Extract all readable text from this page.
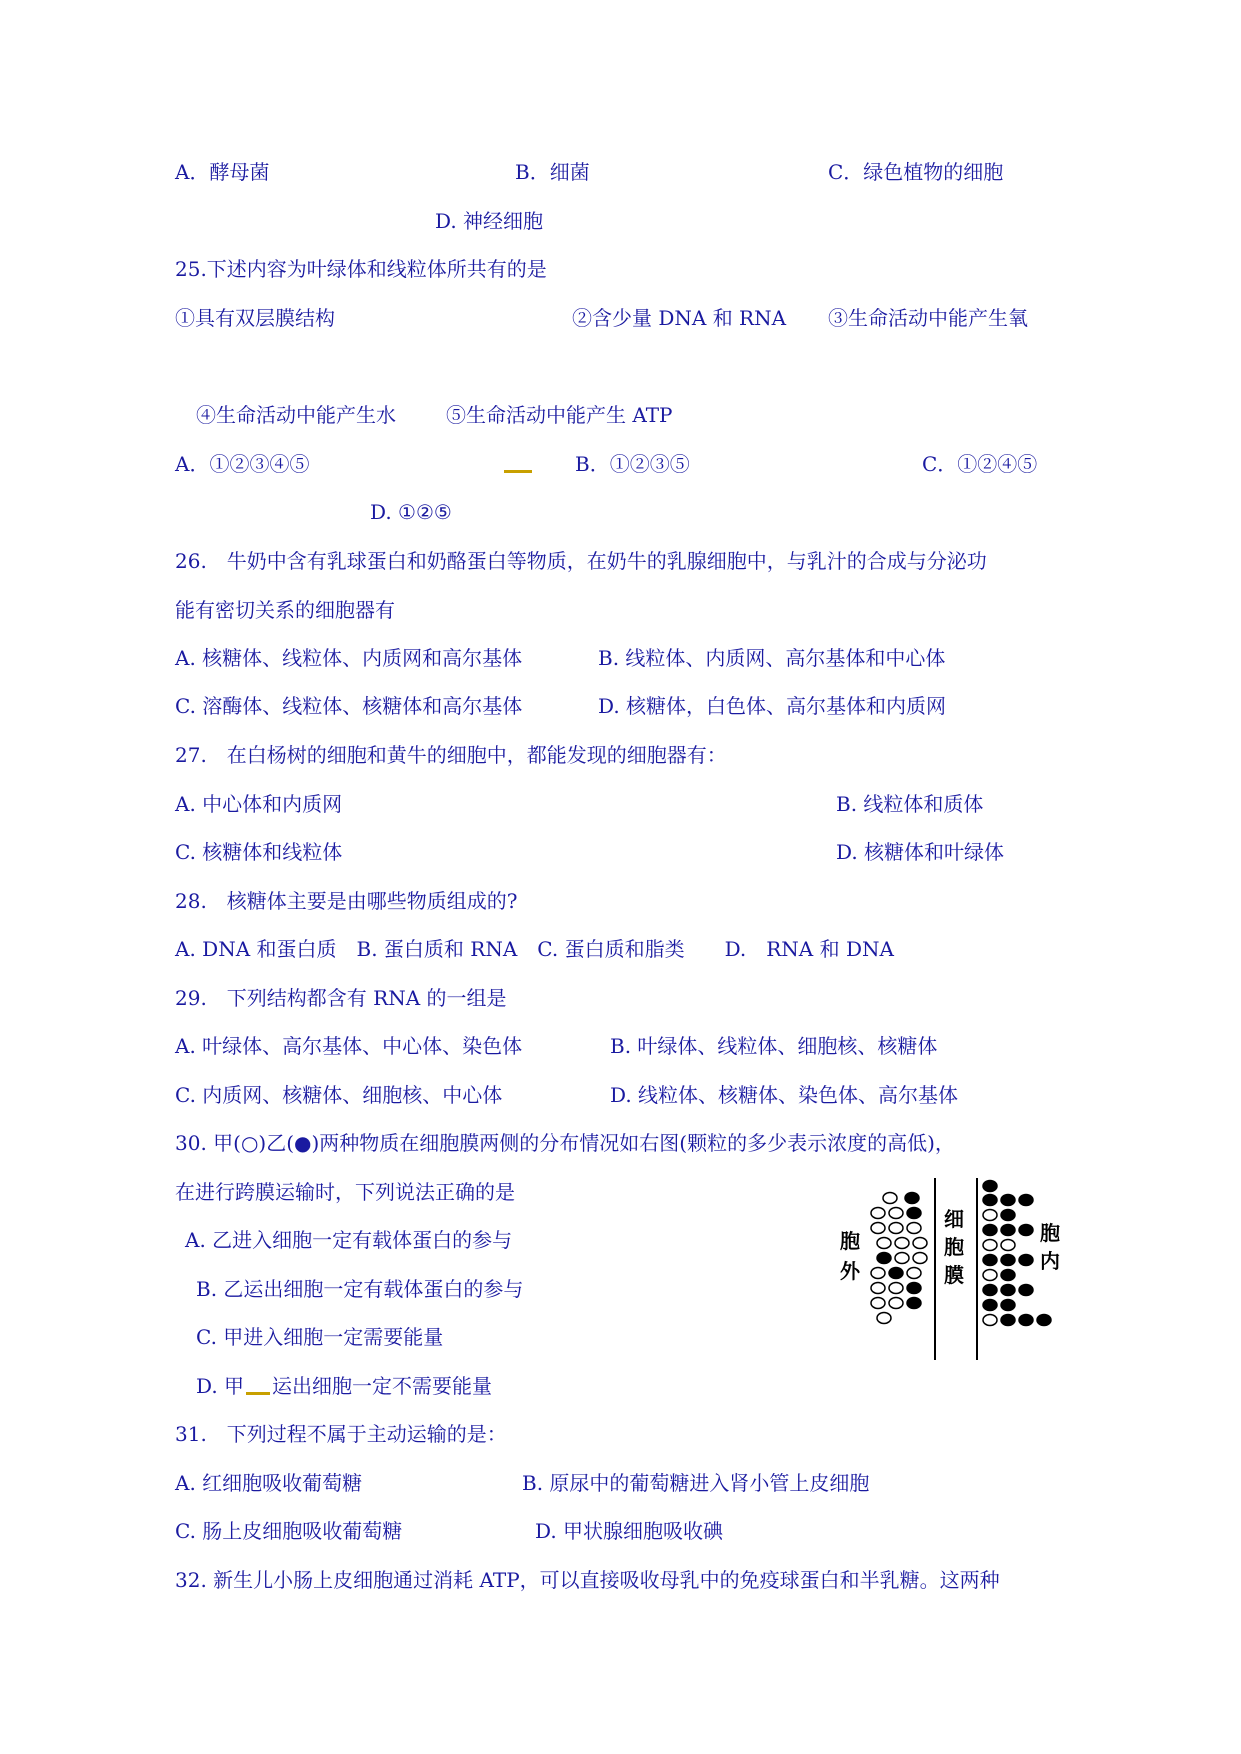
A．酵母菌	B．细菌	C．绿色植物的细胞
D. 神经细胞
25.下述内容为叶绿体和线粒体所共有的是
①具有双层膜结构	②含少量 DNA 和 RNA ③生命活动中能产生氧
④生命活动中能产生水	⑤生命活动中能产生 ATP
A．①②③④⑤	B．①②③⑤	C．①②④⑤
D. ①②⑤
26.　牛奶中含有乳球蛋白和奶酪蛋白等物质，在奶牛的乳腺细胞中，与乳汁的合成与分泌功
能有密切关系的细胞器有
A. 核糖体、线粒体、内质网和高尔基体	B. 线粒体、内质网、高尔基体和中心体
C. 溶酶体、线粒体、核糖体和高尔基体	D. 核糖体，白色体、高尔基体和内质网
27.　在白杨树的细胞和黄牛的细胞中，都能发现的细胞器有：
A. 中心体和内质网	B. 线粒体和质体
C. 核糖体和线粒体	D. 核糖体和叶绿体
28.　核糖体主要是由哪些物质组成的?
A. DNA 和蛋白质　B. 蛋白质和 RNA　C. 蛋白质和脂类　　D.　RNA 和 DNA
29.　下列结构都含有 RNA 的一组是
A. 叶绿体、高尔基体、中心体、染色体	B. 叶绿体、线粒体、细胞核、核糖体
C. 内质网、核糖体、细胞核、中心体	D. 线粒体、核糖体、染色体、高尔基体
30. 甲(○)乙(●)两种物质在细胞膜两侧的分布情况如右图(颗粒的多少表示浓度的高低)，
在进行跨膜运输时，下列说法正确的是
A. 乙进入细胞一定有载体蛋白的参与
B. 乙运出细胞一定有载体蛋白的参与
C. 甲进入细胞一定需要能量
D. 甲 运出细胞一定不需要能量
31.　下列过程不属于主动运输的是：
A. 红细胞吸收葡萄糖	B. 原尿中的葡萄糖进入肾小管上皮细胞
C. 肠上皮细胞吸收葡萄糖	D. 甲状腺细胞吸收碘
32. 新生儿小肠上皮细胞通过消耗 ATP，可以直接吸收母乳中的免疫球蛋白和半乳糖。这两种
胞
外
细
胞
膜
胞
内
